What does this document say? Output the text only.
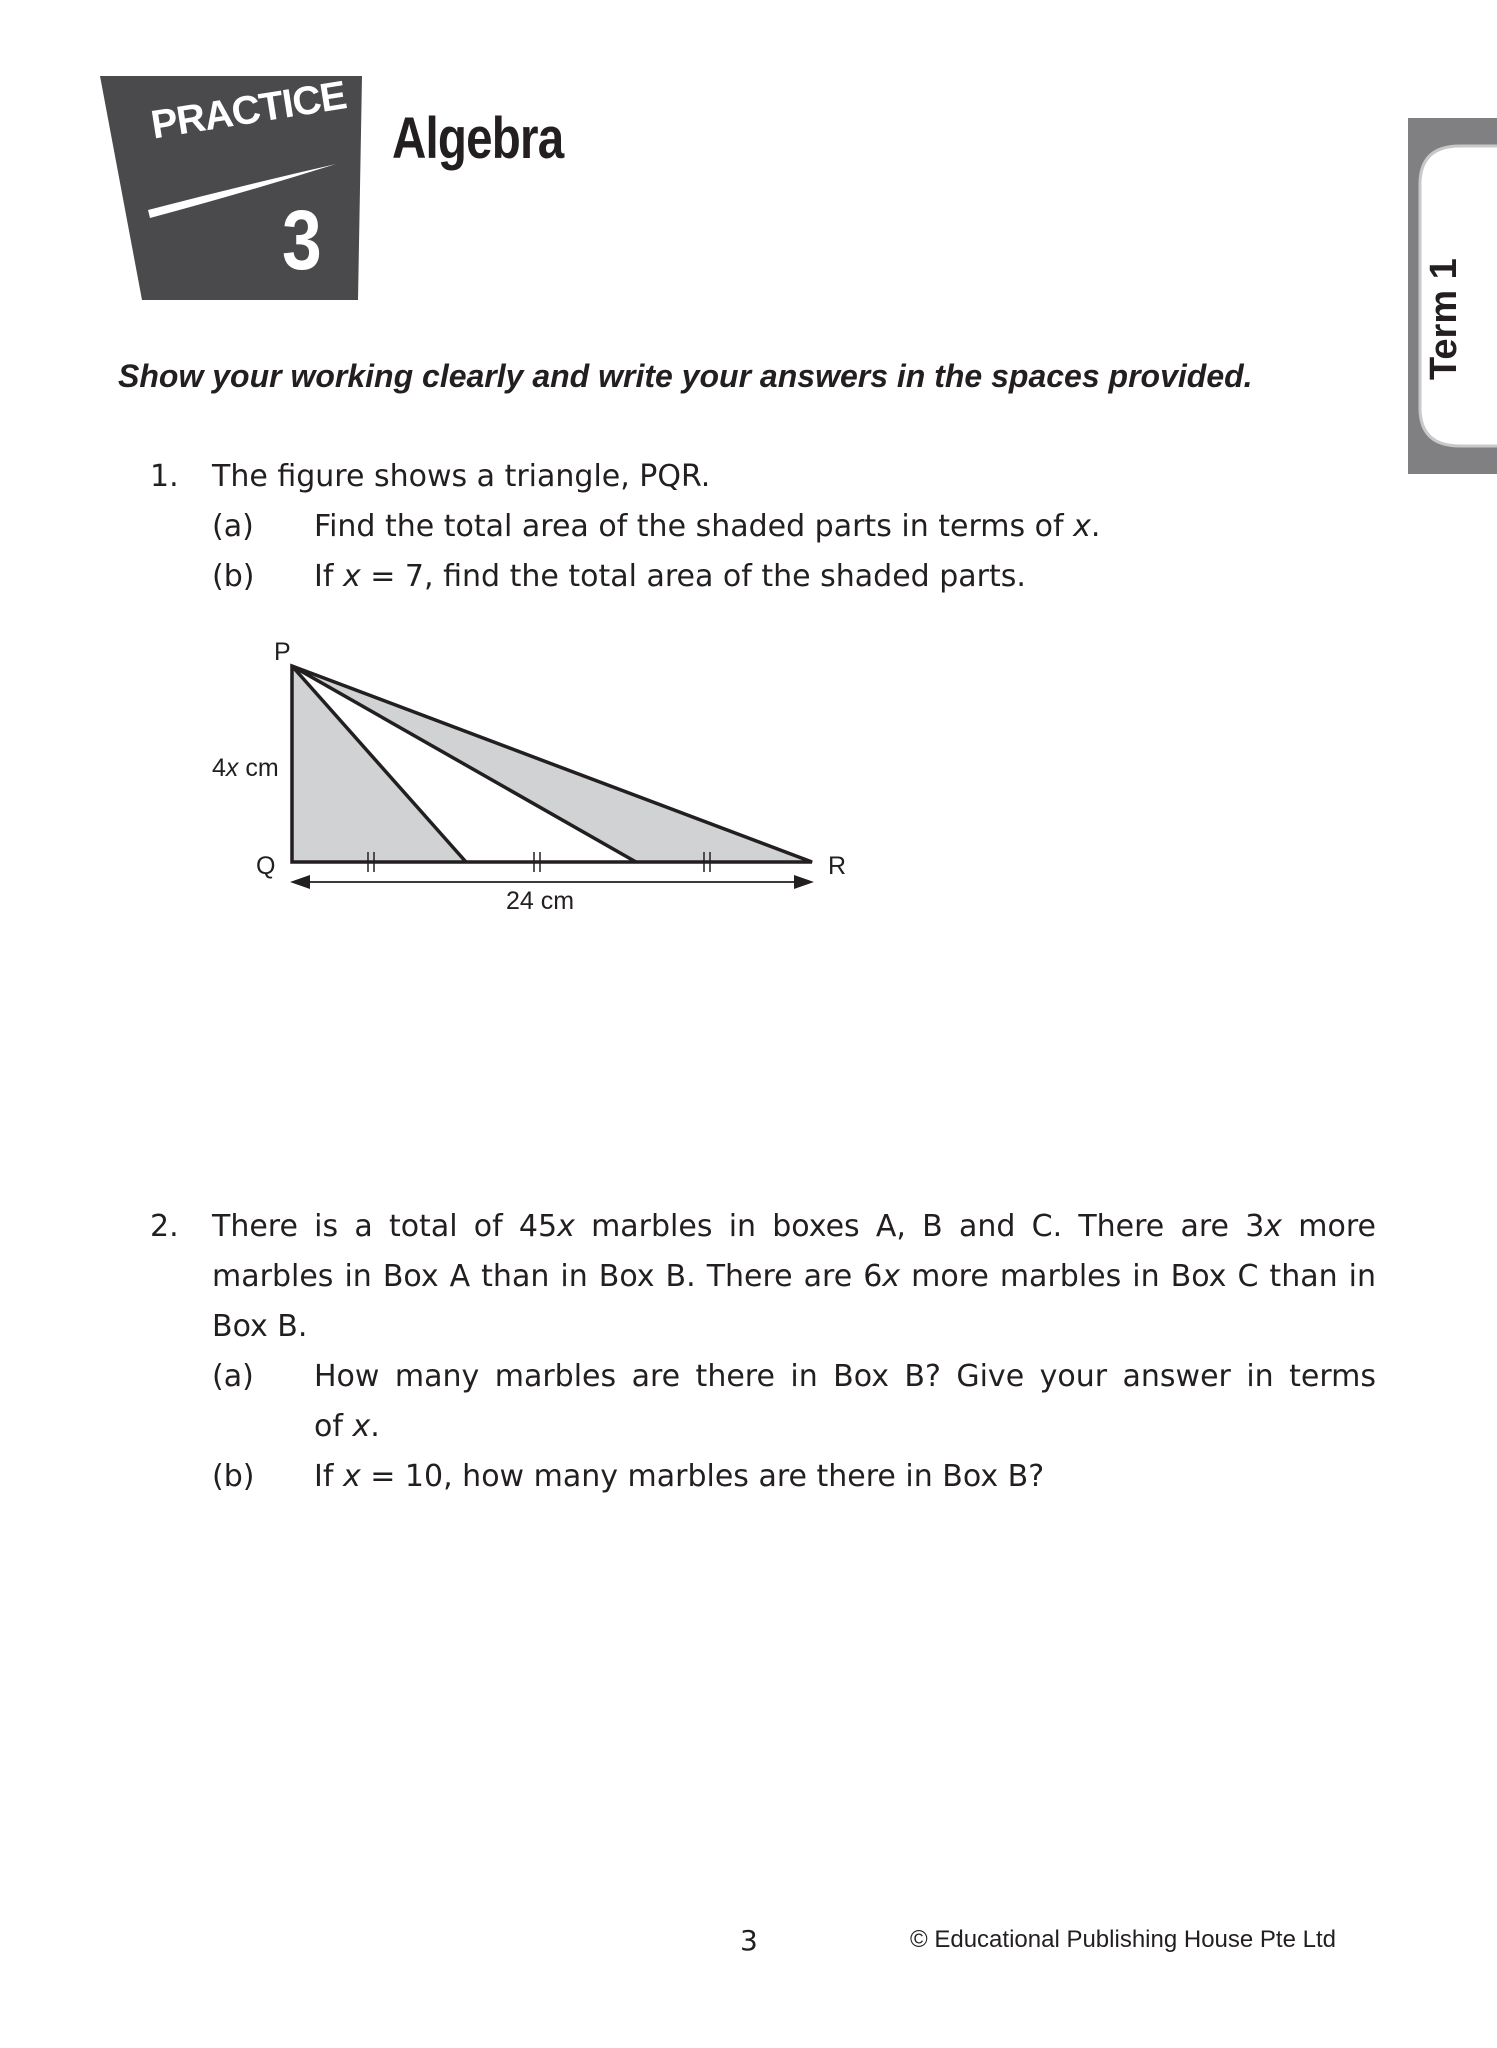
PRACTICE
3
Algebra
Term 1
Show your working clearly and write your answers in the spaces provided.
1. The figure shows a triangle, PQR.
(a) Find the total area of the shaded parts in terms of x.
(b) If x = 7, find the total area of the shaded parts.
P
Q	R
4x cm
24 cm
2. There is a total of 45x marbles in boxes A, B and C. There are 3x more
marbles in Box A than in Box B. There are 6x more marbles in Box C than in
Box B.
(a) How many marbles are there in Box B? Give your answer in terms
of x.
(b) If x = 10, how many marbles are there in Box B?
3	© Educational Publishing House Pte Ltd
